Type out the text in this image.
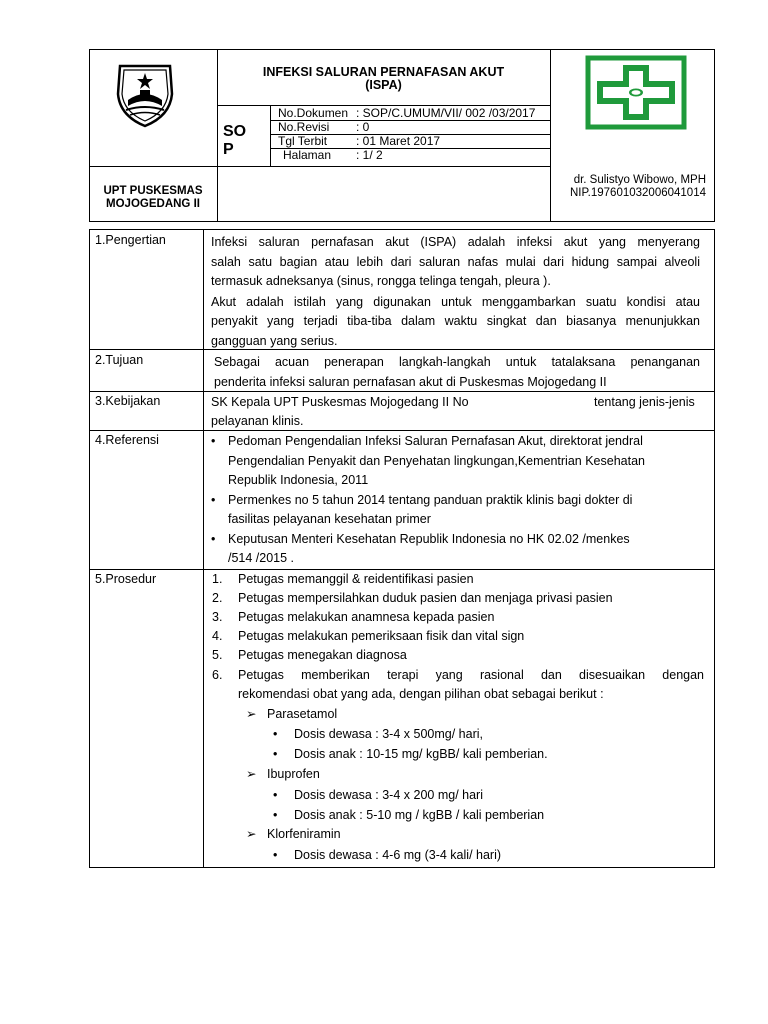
INFEKSI SALURAN PERNAFASAN AKUT
(ISPA)
SO
P
No.Dokumen : SOP/C.UMUM/VII/ 002 /03/2017
No.Revisi : 0
Tgl Terbit : 01 Maret 2017
Halaman : 1/ 2
UPT PUSKESMAS
MOJOGEDANG II
dr. Sulistyo Wibowo, MPH
NIP.197601032006041014
1.Pengertian	Infeksi saluran pernafasan akut (ISPA) adalah infeksi akut yang menyerang
salah satu bagian atau lebih dari saluran nafas mulai dari hidung sampai alveoli
termasuk adneksanya (sinus, rongga telinga tengah, pleura ).
Akut adalah istilah yang digunakan untuk menggambarkan suatu kondisi atau
penyakit yang terjadi tiba-tiba dalam waktu singkat dan biasanya menunjukkan
gangguan yang serius.
2.Tujuan	Sebagai acuan penerapan langkah-langkah untuk tatalaksana penanganan
penderita infeksi saluran pernafasan akut di Puskesmas Mojogedang II
3.Kebijakan	SK Kepala UPT Puskesmas Mojogedang II No	tentang jenis-jenis
pelayanan klinis.
4.Referensi	• Pedoman Pengendalian Infeksi Saluran Pernafasan Akut, direktorat jendral
Pengendalian Penyakit dan Penyehatan lingkungan,Kementrian Kesehatan
Republik Indonesia, 2011
• Permenkes no 5 tahun 2014 tentang panduan praktik klinis bagi dokter di
fasilitas pelayanan kesehatan primer
• Keputusan Menteri Kesehatan Republik Indonesia no HK 02.02 /menkes
/514 /2015 .
5.Prosedur	1. Petugas memanggil & reidentifikasi pasien
2. Petugas mempersilahkan duduk pasien dan menjaga privasi pasien
3. Petugas melakukan anamnesa kepada pasien
4. Petugas melakukan pemeriksaan fisik dan vital sign
5. Petugas menegakan diagnosa
6. Petugas memberikan terapi yang rasional dan disesuaikan dengan
rekomendasi obat yang ada, dengan pilihan obat sebagai berikut :
➢ Parasetamol
• Dosis dewasa : 3-4 x 500mg/ hari,
• Dosis anak : 10-15 mg/ kgBB/ kali pemberian.
➢ Ibuprofen
• Dosis dewasa : 3-4 x 200 mg/ hari
• Dosis anak : 5-10 mg / kgBB / kali pemberian
➢ Klorfeniramin
• Dosis dewasa : 4-6 mg (3-4 kali/ hari)
